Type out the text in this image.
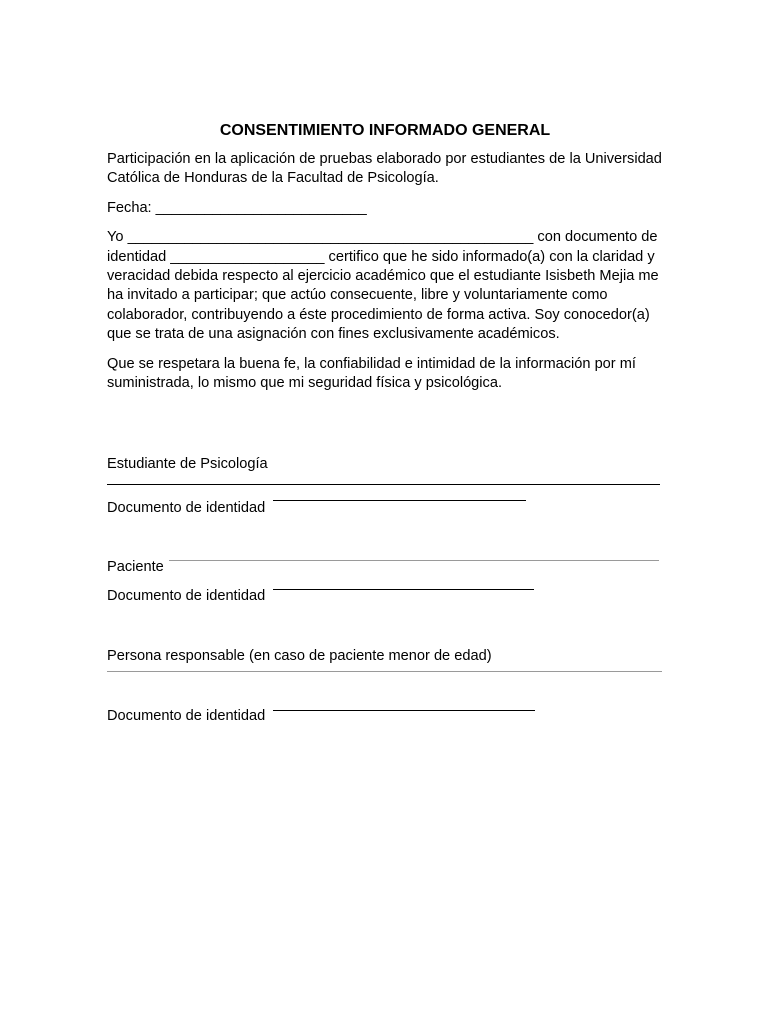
CONSENTIMIENTO INFORMADO GENERAL

Participación en la aplicación de pruebas elaborado por estudiantes de la Universidad Católica de Honduras de la Facultad de Psicología.

Fecha: __________________________

Yo __________________________________________________ con documento de identidad ___________________ certifico que he sido informado(a) con la claridad y veracidad debida respecto al ejercicio académico que el estudiante Isisbeth Mejia me ha invitado a participar; que actúo consecuente, libre y voluntariamente como colaborador, contribuyendo a éste procedimiento de forma activa. Soy conocedor(a) que se trata de una asignación con fines exclusivamente académicos.

Que se respetara la buena fe, la confiabilidad e intimidad de la información por mí suministrada, lo mismo que mi seguridad física y psicológica.

Estudiante de Psicología
Documento de identidad
Paciente
Documento de identidad
Persona responsable (en caso de paciente menor de edad)
Documento de identidad
